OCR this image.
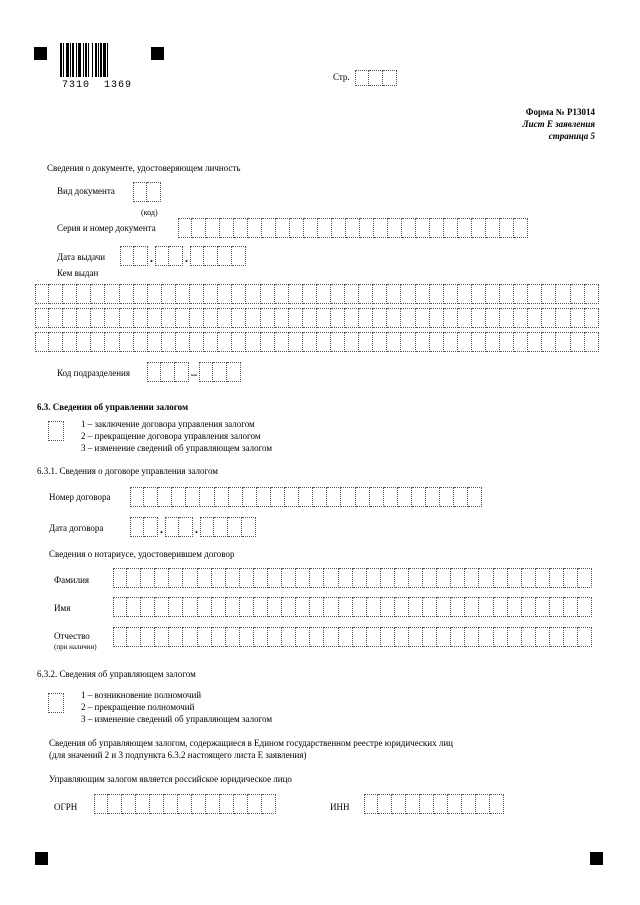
7310  1369
Стр.
Форма № Р13014
Лист Е заявления
страница 5
Сведения о документе, удостоверяющем личность
Вид документа
(код)
Серия и номер документа
Дата выдачи	.	.
Кем выдан
Код подразделения	–
6.3. Сведения об управлении залогом
1 – заключение договора управления залогом
2 – прекращение договора управления залогом
3 – изменение сведений об управляющем залогом
6.3.1. Сведения о договоре управления залогом
Номер договора
Дата договора	.	.
Сведения о нотариусе, удостоверившем договор
Фамилия
Имя
Отчество
(при наличии)
6.3.2. Сведения об управляющем залогом
1 – возникновение полномочий
2 – прекращение полномочий
3 – изменение сведений об управляющем залогом
Сведения об управляющем залогом, содержащиеся в Едином государственном реестре юридических лиц
(для значений 2 и 3 подпункта 6.3.2 настоящего листа Е заявления)
Управляющим залогом является российское юридическое лицо
ОГРН	ИНН
